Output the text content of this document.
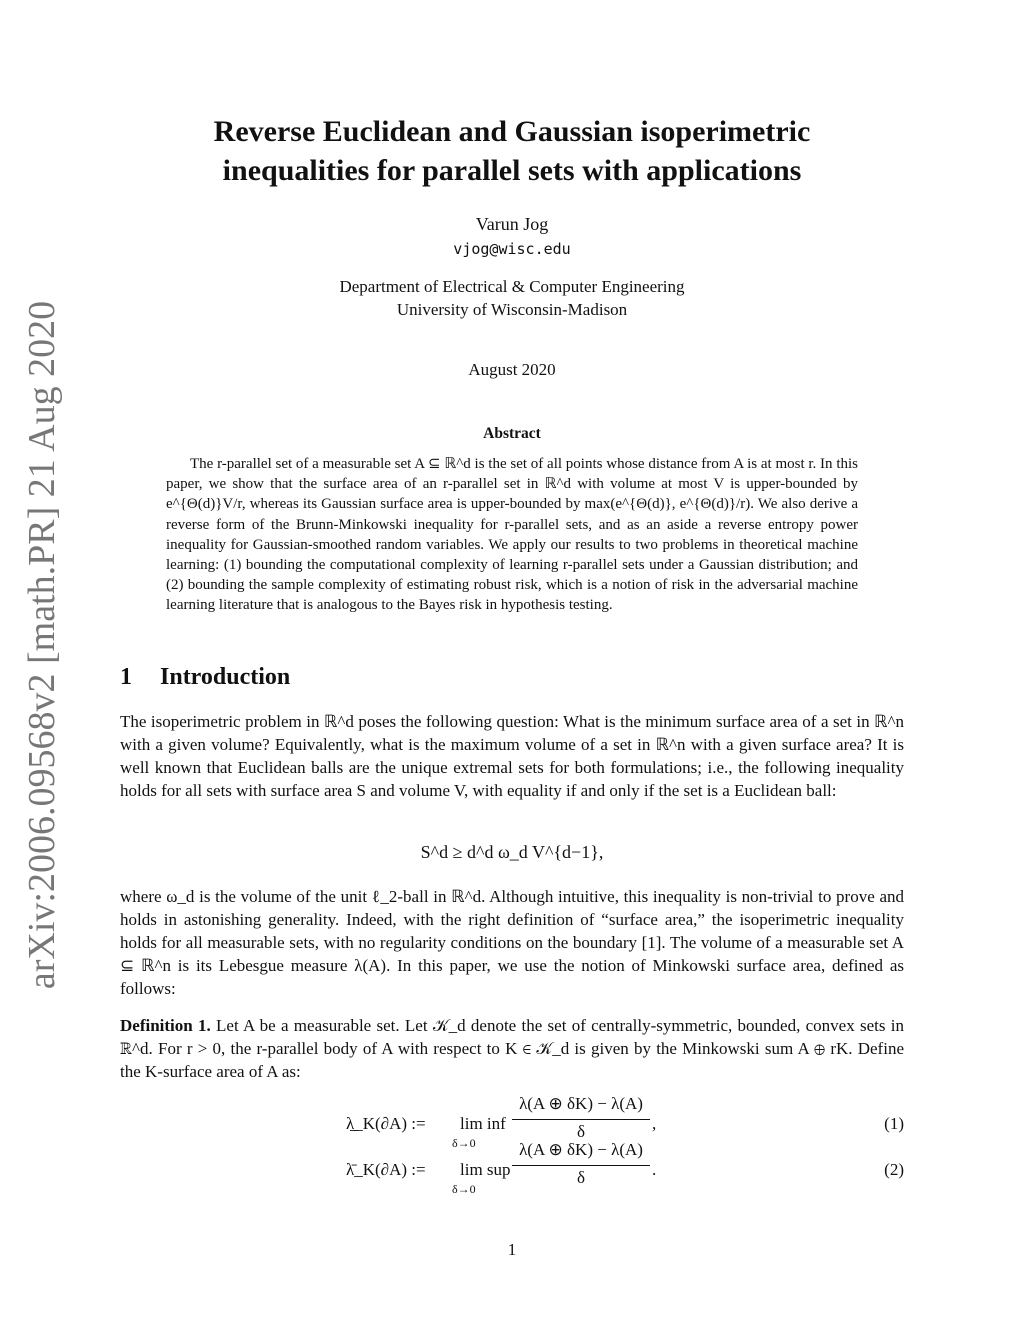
arXiv:2006.09568v2 [math.PR] 21 Aug 2020
Reverse Euclidean and Gaussian isoperimetric
inequalities for parallel sets with applications
Varun Jog
vjog@wisc.edu
Department of Electrical & Computer Engineering
University of Wisconsin-Madison
August 2020
Abstract
The r-parallel set of a measurable set A ⊆ ℝ^d is the set of all points whose distance from A is at most r. In this paper, we show that the surface area of an r-parallel set in ℝ^d with volume at most V is upper-bounded by e^{Θ(d)}V/r, whereas its Gaussian surface area is upper-bounded by max(e^{Θ(d)}, e^{Θ(d)}/r). We also derive a reverse form of the Brunn-Minkowski inequality for r-parallel sets, and as an aside a reverse entropy power inequality for Gaussian-smoothed random variables. We apply our results to two problems in theoretical machine learning: (1) bounding the computational complexity of learning r-parallel sets under a Gaussian distribution; and (2) bounding the sample complexity of estimating robust risk, which is a notion of risk in the adversarial machine learning literature that is analogous to the Bayes risk in hypothesis testing.
1 Introduction
The isoperimetric problem in ℝ^d poses the following question: What is the minimum surface area of a set in ℝ^n with a given volume? Equivalently, what is the maximum volume of a set in ℝ^n with a given surface area? It is well known that Euclidean balls are the unique extremal sets for both formulations; i.e., the following inequality holds for all sets with surface area S and volume V, with equality if and only if the set is a Euclidean ball:
S^d ≥ d^d ω_d V^{d−1},
where ω_d is the volume of the unit ℓ_2-ball in ℝ^d. Although intuitive, this inequality is non-trivial to prove and holds in astonishing generality. Indeed, with the right definition of “surface area,” the isoperimetric inequality holds for all measurable sets, with no regularity conditions on the boundary [1]. The volume of a measurable set A ⊆ ℝ^n is its Lebesgue measure λ(A). In this paper, we use the notion of Minkowski surface area, defined as follows:
Definition 1. Let A be a measurable set. Let 𝒦_d denote the set of centrally-symmetric, bounded, convex sets in ℝ^d. For r > 0, the r-parallel body of A with respect to K ∈ 𝒦_d is given by the Minkowski sum A ⊕ rK. Define the K-surface area of A as:
λ̲_K(∂A) := lim inf
δ→0
λ(A ⊕ δK) − λ(A)
δ	,	(1)
λ̄_K(∂A) := lim sup
δ→0
λ(A ⊕ δK) − λ(A)
δ	.	(2)
1
